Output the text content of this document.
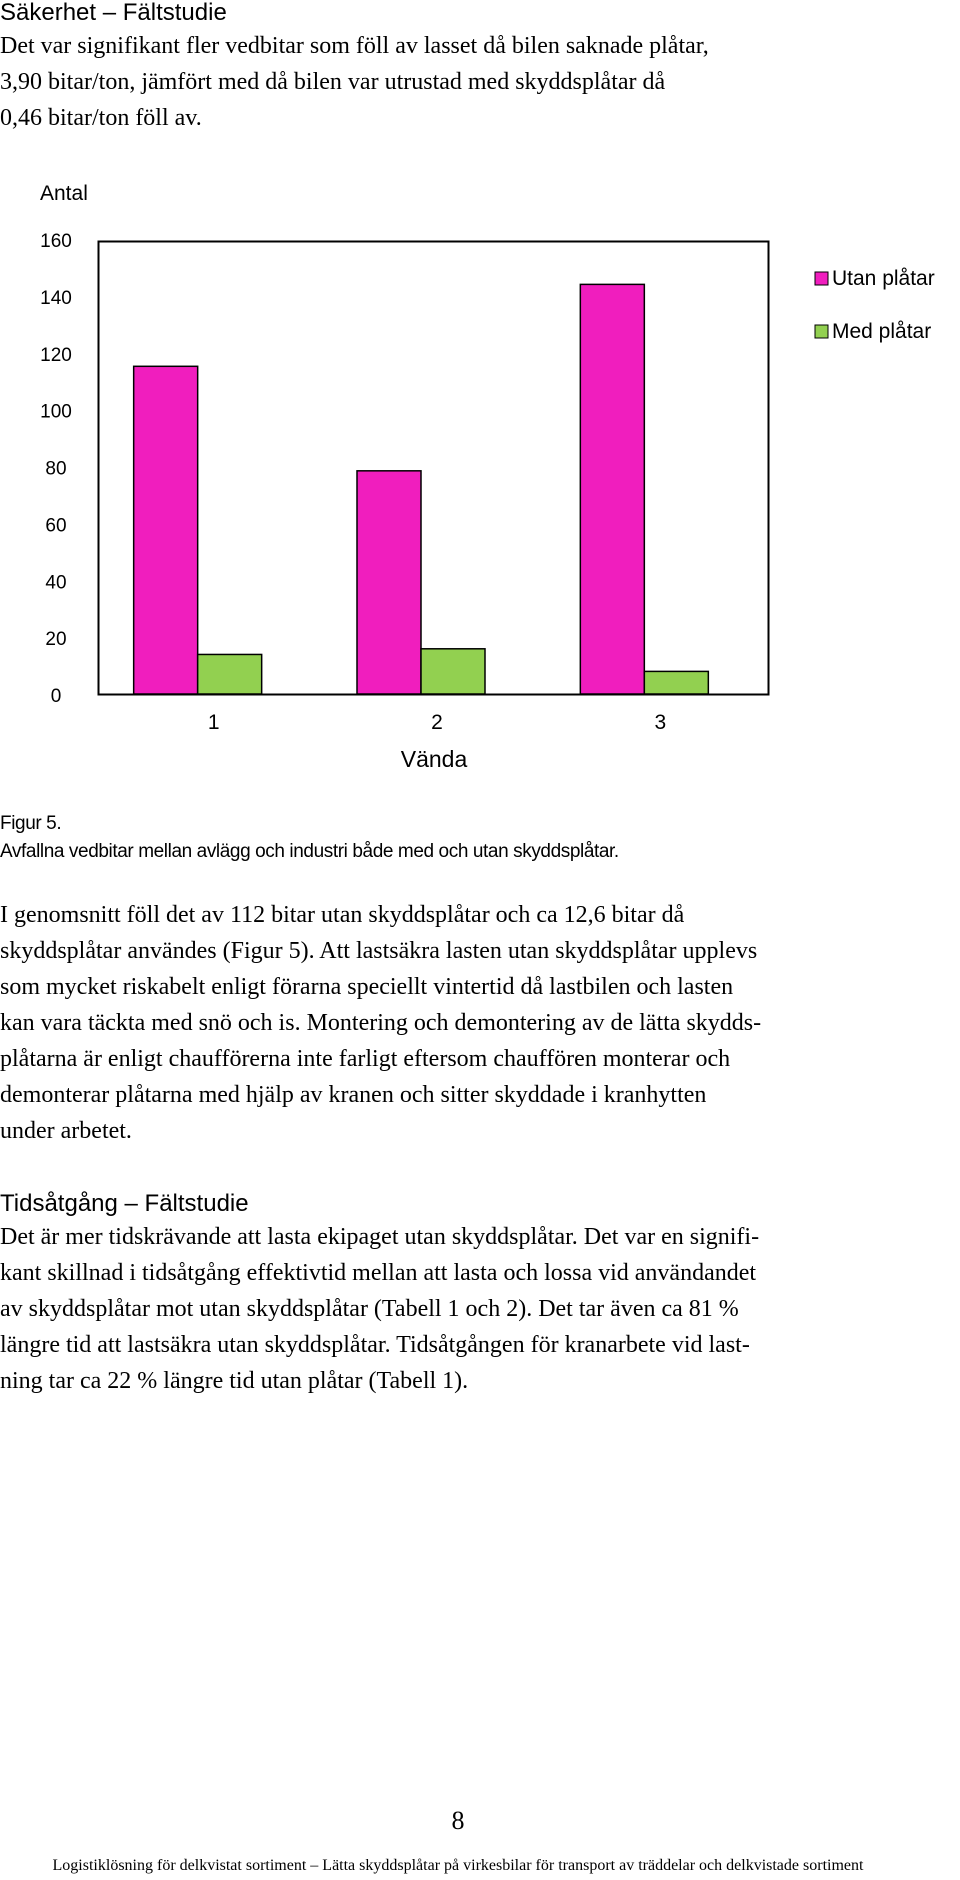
Säkerhet – Fältstudie
Det var signifikant fler vedbitar som föll av lasset då bilen saknade plåtar,
3,90 bitar/ton, jämfört med då bilen var utrustad med skyddsplåtar då
0,46 bitar/ton föll av.
Antal
Vända
0
20
40
60
80
100
120
140
160
1	2	3
Utan plåtar
Med plåtar
Figur 5.
Avfallna vedbitar mellan avlägg och industri både med och utan skyddsplåtar.
I genomsnitt föll det av 112 bitar utan skyddsplåtar och ca 12,6 bitar då
skyddsplåtar användes (Figur 5). Att lastsäkra lasten utan skyddsplåtar upplevs
som mycket riskabelt enligt förarna speciellt vintertid då lastbilen och lasten
kan vara täckta med snö och is. Montering och demontering av de lätta skydds-
plåtarna är enligt chaufförerna inte farligt eftersom chauffören monterar och
demonterar plåtarna med hjälp av kranen och sitter skyddade i kranhytten
under arbetet.
Tidsåtgång – Fältstudie
Det är mer tidskrävande att lasta ekipaget utan skyddsplåtar. Det var en signifi-
kant skillnad i tidsåtgång effektivtid mellan att lasta och lossa vid användandet
av skyddsplåtar mot utan skyddsplåtar (Tabell 1 och 2). Det tar även ca 81 %
längre tid att lastsäkra utan skyddsplåtar. Tidsåtgången för kranarbete vid last-
ning tar ca 22 % längre tid utan plåtar (Tabell 1).
8
Logistiklösning för delkvistat sortiment – Lätta skyddsplåtar på virkesbilar för transport av träddelar och delkvistade sortiment
